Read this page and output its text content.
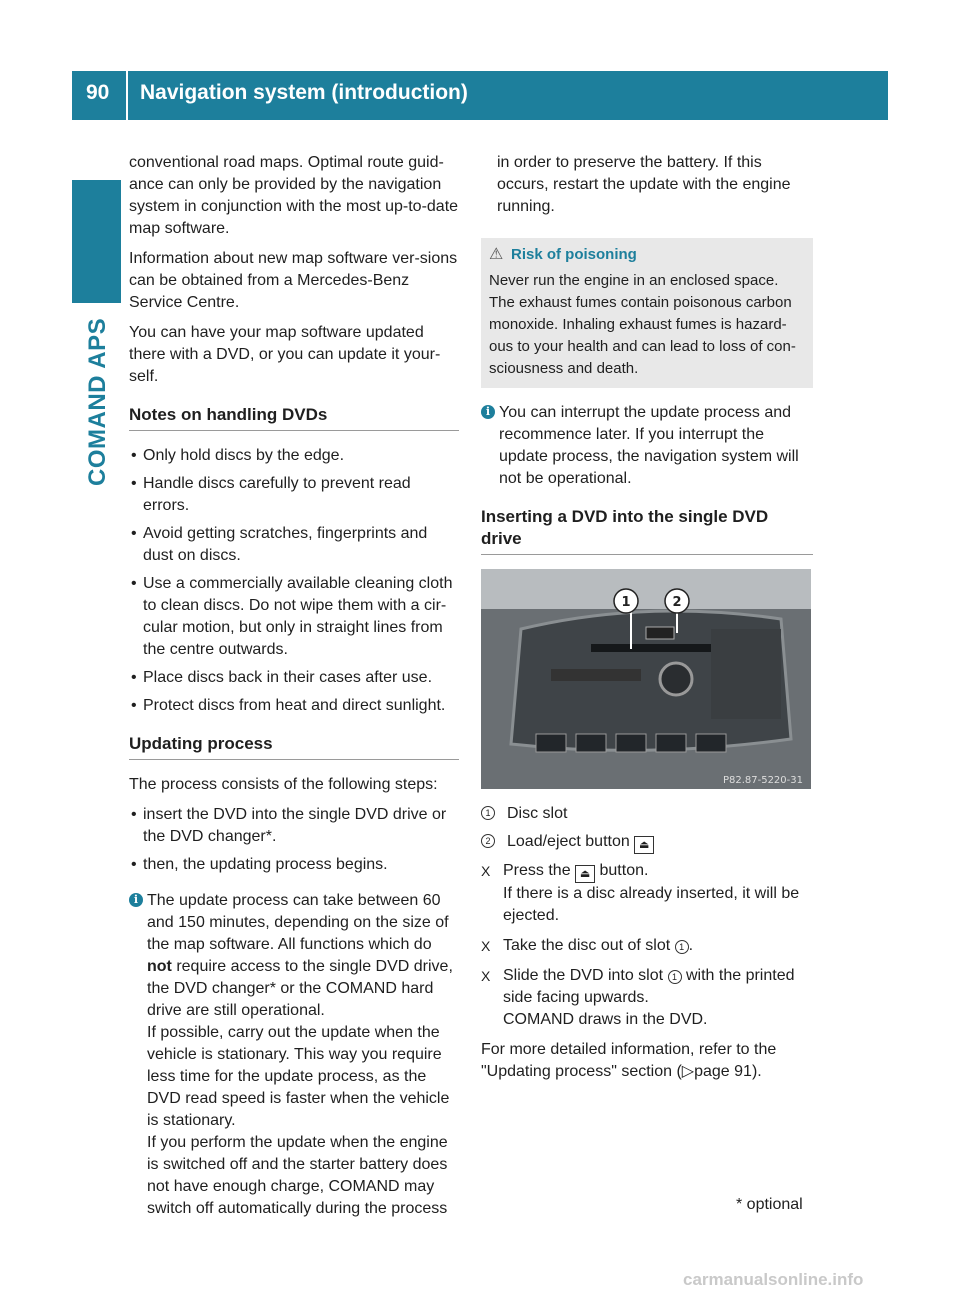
90 Navigation system (introduction)
COMAND APS

conventional road maps. Optimal route guid-ance can only be provided by the navigation system in conjunction with the most up-to-date map software.

Information about new map software ver-sions can be obtained from a Mercedes-Benz Service Centre.

You can have your map software updated there with a DVD, or you can update it your-self.

Notes on handling DVDs
• Only hold discs by the edge.
• Handle discs carefully to prevent read errors.
• Avoid getting scratches, fingerprints and dust on discs.
• Use a commercially available cleaning cloth to clean discs. Do not wipe them with a cir-cular motion, but only in straight lines from the centre outwards.
• Place discs back in their cases after use.
• Protect discs from heat and direct sunlight.
Updating process

The process consists of the following steps:

• insert the DVD into the single DVD drive or the DVD changer*.
• then, the updating process begins.
i The update process can take between 60 and 150 minutes, depending on the size of the map software. All functions which do not require access to the single DVD drive, the DVD changer* or the COMAND hard drive are still operational.
If possible, carry out the update when the vehicle is stationary. This way you require less time for the update process, as the DVD read speed is faster when the vehicle is stationary.
If you perform the update when the engine is switched off and the starter battery does not have enough charge, COMAND may switch off automatically during the process

in order to preserve the battery. If this occurs, restart the update with the engine running.

⚠ Risk of poisoning
Never run the engine in an enclosed space. The exhaust fumes contain poisonous carbon monoxide. Inhaling exhaust fumes is hazard-ous to your health and can lead to loss of con-sciousness and death.
i You can interrupt the update process and recommence later. If you interrupt the update process, the navigation system will not be operational.
Inserting a DVD into the single DVD drive
1	2
P82.87-5220-31
1 Disc slot
2 Load/eject button ⏏
X Press the ⏏ button.
If there is a disc already inserted, it will be ejected.
X Take the disc out of slot 1 .
X Slide the DVD into slot 1 with the printed side facing upwards.
COMAND draws in the DVD.

For more detailed information, refer to the "Updating process" section (▷page 91).

* optional
carmanualsonline.info
